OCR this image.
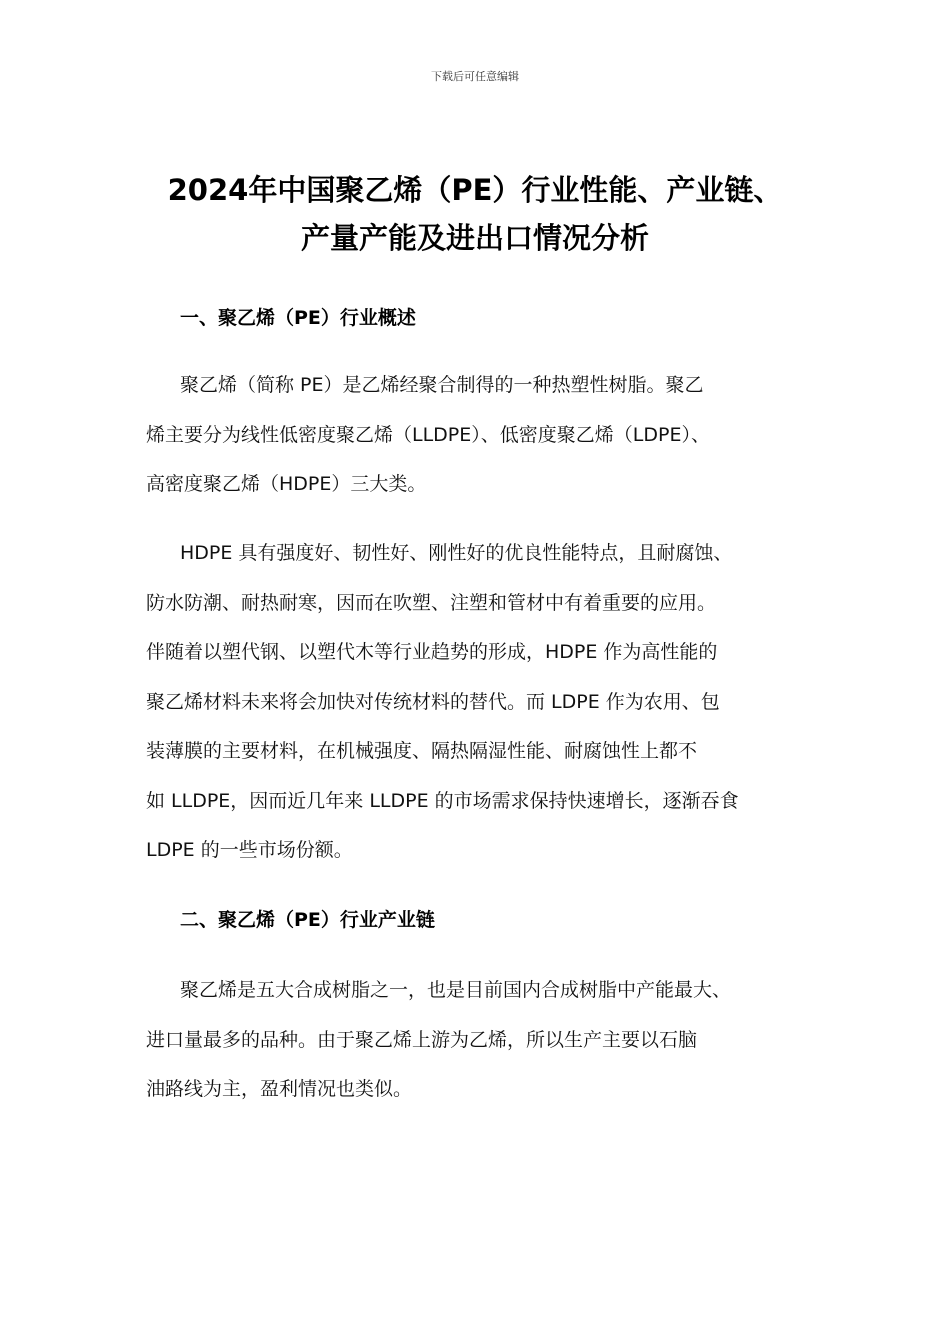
下载后可任意编辑
2024年中国聚乙烯（PE）行业性能、产业链、
产量产能及进出口情况分析
一、聚乙烯（PE）行业概述

聚乙烯（简称 PE）是乙烯经聚合制得的一种热塑性树脂。聚乙
烯主要分为线性低密度聚乙烯（LLDPE）、低密度聚乙烯（LDPE）、
高密度聚乙烯（HDPE）三大类。

HDPE 具有强度好、韧性好、刚性好的优良性能特点，且耐腐蚀、
防水防潮、耐热耐寒，因而在吹塑、注塑和管材中有着重要的应用。
伴随着以塑代钢、以塑代木等行业趋势的形成，HDPE 作为高性能的
聚乙烯材料未来将会加快对传统材料的替代。而 LDPE 作为农用、包
装薄膜的主要材料，在机械强度、隔热隔湿性能、耐腐蚀性上都不
如 LLDPE，因而近几年来 LLDPE 的市场需求保持快速增长，逐渐吞食
LDPE 的一些市场份额。

二、聚乙烯（PE）行业产业链

聚乙烯是五大合成树脂之一，也是目前国内合成树脂中产能最大、
进口量最多的品种。由于聚乙烯上游为乙烯，所以生产主要以石脑
油路线为主，盈利情况也类似。
